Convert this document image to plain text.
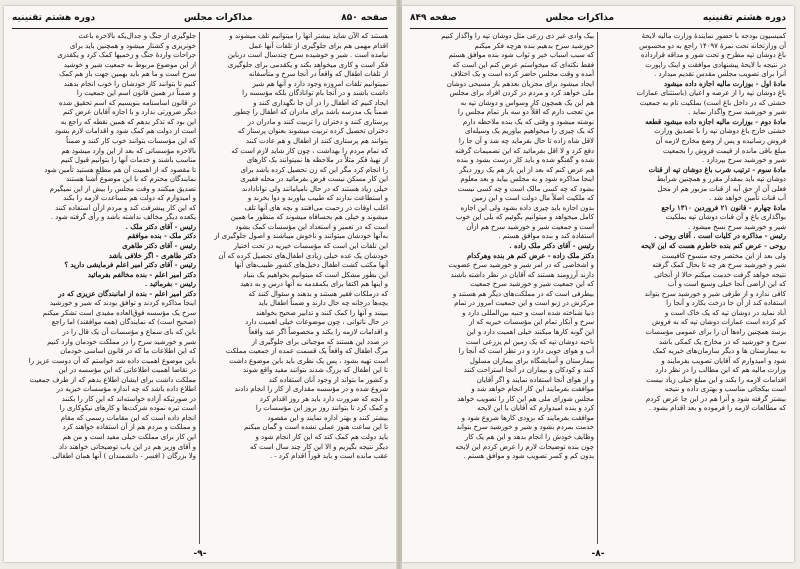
صفحه ۸۵۰
مذاکرات مجلس
دوره هشتم تقنینیه

هستند که الآن شاید بیشتر آنها را میتوانیم تلف میشوند و

اقدام مهمی هم برای جلوگیری از تلفات آنها عمل

نیامده است . شیر و خوشیده سرخ چندسال است درباین

فکر است و کاری میخواهد بکند و یکقدمی برای جلوگیری

از تلفات اطفال که واقعاً در آنجا سرخ و متأسفانه

نمیتوانیم تلفات امروزه وجود دارد و آنها هم شیر

داشت باشند و در آنجا بام توانادگان بلکه مؤسسه را

ایجاد کنیم که اطفال را در آن جا نگهداری کنند و

ضمناً یک مدرسه باشد برای مادران که اطفال را چطور

پرستاری کنند و دختران را تربیت کنند و مادران در

دختران تحصیل کرده تربیت میشوند بعنوان پرستار که

بتوانند هم پرستاری کنند از اطفال و هم عادت کنند

که تمام مردم را بهداشت ، چون کار شاید لازم است که

از تهیهٔ فکر مثلاً در ملاحظه ها نمیتوانند یک کارهای

را انجام کرد مگر این که زن تحصیل کرده باشد برای

این کار مسکن نیست فرض بفرمائید در محله فقیری

خیلی زیاد هستند که در حال نامیامانند ولی توانادادند

و استطاعت ندارند که طبیب بیاورند و دوا بخرند و

اغلب اوقات در زحمت می‌افتند و بچه های آنها تلف

میشوند و خیلی هم بحسافاه میشوند که منظور ما همین

است که در تعمیر و استعداد این مؤسسات کمک بشود

به‌آنها خودشان میتوانند و ناخوش میباشند و اصول جلوگیری از

این تلفات این است که مؤسسات خیریه در تحت اختیار

خودشان یک عده خیلی زیادی اطفال‌های تحصیل کرده که آن

آنها مکتب کشت اطفال دخیل‌های کشور طبیب‌های آنها

این بطور مشکل است که میتوانیم بخواهیم یک بنیاد

و اینها هم اکتفا برای یکمقدمه به آنها درس و به دهید

که درملکات فقیر هستند و بدهند و سئوال کنند که

بچه‌ها درخانه چه حال دارند و ضمناً اطفال باید

ببینند و آنها را کمک کنند و تدابیر صحیح بخواهند

در حال ناتوانی ، چون موضوعات خیلی اهمیت دارد

و اقدامات لازمه را بکند و مخصوصاً اگر عید واقعاً

در صدد این هستند که موجباتی برای جلوگیری از

مرگ اطفال که واقعاً یک قسمت عمده از جمعیت مملکت

است تهیه بشود ، پس یک نظری باید باین موضوع داشت

تا این اطفال که بزرگ شدند بتوانند مفید واقع شوند

و کشور ما بتواند از وجود آنان استفاده کند

شروع شده و در مؤسسه مقداری از کار را انجام دادند

و آنچه که ضرورت دارد باید هر روز اقدام کرد

و کمک کرد تا بتوانند روز بروز این مؤسسات را

بیشتر کنند و بهتر اداره نمایند و این مقصود

تا این ساعت هنوز عملی نشده است و گمان میکنم

باید دولت هم کمک کند که این کار انجام شود و

دیگر نتیجه بگیریم و الا این کار چند سال است که

عقب مانده است و باید فوراً اقدام کرد - .

جلوگیری از جنگ و جدال‌یکه بالاخره باعث

خونریزی و کشتار میشود و همچنین باید برای

جراحات واردۀ جنگ و زخمیها کمک کرد و یکقدری

از این موضوع مربوط به جمعیت شیر و خوشید

سرخ است و ما هم باید بهمین جهت باز هم کمک

کنیم تا بتوانند کار خودشان را خوب انجام بدهند

و ضمناً در همین قانون اسم این جمعیت را

در قانون اساسنامه بنویسیم که اسم تحقیق شده

دیگر ضرورتی ندارد و با اجازه آقایان عرض کنم

این بود که تذکر بدهم که همین نقطه که راجع به

است از دولت هم کمک شود و اقدامات لازم بشود

که این مؤسسات بتوانند خوب کار کنند و ضمناً

بالاخره مؤسساتی که بعد از این وارد میشود هم

مناسب باشند و خدمات آنها را بتوانیم قبول کنیم

تا مقصود که از اهمیت آن هم مطلع هستید تأمین شود

نمایندگان محترم که با این موضوع آشنا هستند

تصدیق میکنند و وقت مجلس را بیش از این نمیگیرم

و امیدوارم که دولت هم مساعدت لازمه را بکند

که این کار پیشرفت کند و مردم ازآن استفاده کنند

یکعده دیگر مخالف نداشته باشد و رأی گرفته شود .

رئیس - آقای دکتر ملک .

دکتر ملک - بنده موافقم

رئیس - آقای دکتر طاهری

دکتر طاهری - اگر خلافی باشد

رئیس - آقای دکتر امیر اعلم فرمایشی دارید ؟

دکتر امیر اعلم - بنده مخالفم بفرمائید

رئیس - بفرمائید .

دکتر امیر اعلم - بنده از امانبندگان عزیزی که در

اینجا مذاکره کردند و توافق بودند که شیر و خورشید

سرخ یک مؤسسه فوق‌العاده مفیدی است تشکر میکنم

(صحیح است) که نمایندگان (همه موافقند) اما راجع

باین که بای سماع و مؤسسات آن یک قال را در

شیر و خورشید سرخ را در مملکت خودمان وارد کنیم

که این اطلاعات ما که در قانون اساسی خودمان

باین موضوع اهمیت داده شد خواستم که آن دوست عزیز را

در تقاضا اهمیت اطلاعاتی که این مؤسسه در این

مملکت داشت برای ایشان اطلاع بدهم که از طرف جمعیت

اطلاع داده باشد که چه اندازه مؤسسات خیریه در

در صورتیکه آزاده خواسته‌اند که این کار را بکنند

است تیره نموده شرکت‌ها و کارهای نیکوکاری را

انجام داده است که این مقامات رسمی که مقام

و مملکت و مردم هم از آن استفاده خواهند کرد

این کار برای مملکت خیلی مفید است و من هم

و آقای وزیر هم در این باب توضیحاتی خواهند داد

ولا بزرگان ( افسر - دانشمندان ) آنها همان اطفالی

-۹-
دوره هشتم تقنینیه
مذاکرات مجلس
صفحه ۸۴۹

کمیسیون بودجه با حضور نمایندۀ وزارت مالیه لایحۀ

آن وزارتخانه تحت نمرۀ ۱۴۰۹۷ راجع به دو محسوس

باغ دوشان تپه مطرح و تحت شور و مداقه قرارداده

در نتیجه با لایحۀ پیشنهادی موافقت و اینک راپورت

آنرا برای تصویب مجلس مقدس تقدیم میدارد .

مادۀ اول - بوزارت مالیه اجازه داده میشود

باغ دوشان تپه را از عرصه و اعیان (باستثنای عمارات

خشتی که در داخل باغ است) بملکیت تام به جمعیت

شیر و خورشید سرخ واگذار نماید .

مادۀ دوم - بوزارت مالیه اجازه داده میشود قطعه

خشتی خارج باغ دوشان تپه را با تصدیق وزارت

فروش رسانیده و پس از وضع مخارج لازمه آن

مبلغ باقی مانده از قیمت فروش را بجمعیت

شیر و خورشید سرخ بپردازد .

مادۀ سوم - ترتیب شرب باغ دوشان تپه از قنات

دوشان تپه باید بمقدار مقرر و همچنین شرایط

فعلی آن از حق آبه از قنات مزبور هم از محل

آب قنات تأمین خواهد شد .

مادۀ چهارم - قانون ۲۱ فروردین ۱۳۱۰ راجع

بواگذاری باغ و آن قنات دوشان تپه بملکیت

شیر و خورشید سرخ نسخ میشود .

رئیس - مذاکره در کلیات است . آقای روحی .

روحی - عرض کنم بنده خاطرم هست که این لایحه

ولی بعد از این مختصر وجه منسوخ کافیست

شیر و خورشید سرخ هر چه تا بحال کمک گرفته

نتیجه خواهد گرفت خدمت میکنم حالا از آنجائی

که این اراضی آنجا خیلی وسیع است و آب

کافی ندارد و از طرفی شیر و خورشید سرخ بتواند

استفاده کند از آن جا درخت بکارد و آنجا را

آباد نماید در دوشان تپه که یک خاک است و

کم کرده است عمارات دوشان تپه که به فروش

برسد همچنین راه‌ها آن را برای عمومی مؤسسات

سرخ و خورشید که در مخارج یک کمکی باشد

به بیمارستان ها و دیگر سازمان‌های خیریه کمک

شود و امیدوارم که آقایان تصویب بفرمایند و

وزارت مالیه هم که این مطالب را در نظر دارد

اقدامات لازمه را بکند و این مبلغ خیلی زیاد نیست

است بیکجائی مناسب و بهتری داده و نتیجه

بیشتر گرفته شود و آنرا هم در این جا عرض کردم

که مطالعات لازمه را فرموده و بعد اقدام بشود .

بیک وادی غیر ذی زرعی مثل دوشان تپه را واگذار کنیم

خورشید سرخ بدهیم بنده هرچه فکر میکنم

که سبب اسباب خیر و ثواب شود بنده موافق هستم

فقط نکته‌ای که میخواستم عرض کنم این است که

آمده و وقت مجلس حاضر کرده است و یک اختلاف

ایجاد میشود برای مجریان بعدهم باز مسیحی دوشان

ملی خواهد کرد و مردم در کردن افراد برای مجلس

هم این یک همچون کار وسواس و دوشان تپه به

من تعجب دارم که اقلاً دو سه بار تمام مجلس را

نوشته میشود و وقتی که یک بنده ملاحظه دارم

که یک چیزی را میخواهیم بیاوریم یک وسیله‌ای

لاقل شاه زاده تا حال بفرماید چه شد و آن جا را

دفع کرد و لا اقل بفرمائید که این تصمیمات گرفته

شده و گفتگو شده و باید کار درست بشود و بنده

هم عرض کنم که بعد از این باز هم یک روز دیگر

اینجا مذاکره شود و به مجلس بیاید و بعد معلوم

بشود که چه کسی مالک است و چه کسی نیست

که ملکیت اصلاً مال دولت است و این زمین

بدون اجازه باید چیزی داده بشود ولی این اجازه

کامل میخواهد و میتوانیم بگوئیم که بلی این خوب

است و جمعیت شیر و خورشید سرخ هم ازآن

استفاده کند و بنده موافق هستم .

رئیس - آقای دکتر ملک زاده .

دکتر ملک زاده - عرض کنم هر بنده وهرکدام

و اشخاصی که در امر شیر و خورشید سرخ عضویت

دارند آرزومند هستند که آقایان در نظر داشته باشند

که این جمعیت شیر و خورشید سرخ جمعیت

بیطرفی است که در مملکت‌های دیگر هم هستند و

مرکزش در ژنو است و این جمعیت امروز در تمام

دنیا شناخته شده است و جنبه بین‌المللی دارد و

سرخ و آنکار تمام این مؤسسات خیریه که از

این گونه کارها میکنند خیلی اهمیت دارد و این

ناحیه دوشان تپه که یک زمین لم یزرعی است

آب و هوای خوبی دارد و در نظر است که آنجا را

بیمارستان و آسایشگاه برای بیماران مسلول

کنند و کودکان و بیماران در آنجا استراحت کنند

و از هوای آنجا استفاده نمایند و اگر آقایان

موافقت بفرمایند این کار انجام خواهد شد و

مجلس شورای ملی هم این کار را تصویب خواهد

کرد و بنده امیدوارم که آقایان با این لایحه

موافقت بفرمایند که بزودی کارها شروع شود و

خدمت بمردم بشود و شیر و خورشید سرخ بتواند

وظایف خودش را انجام بدهد و این هم یک کار

چون بنده توضیحات لازم را عرض کردم این لایحه

بدون کم و کسر تصویب شود و موافق هستم .

-۸-
